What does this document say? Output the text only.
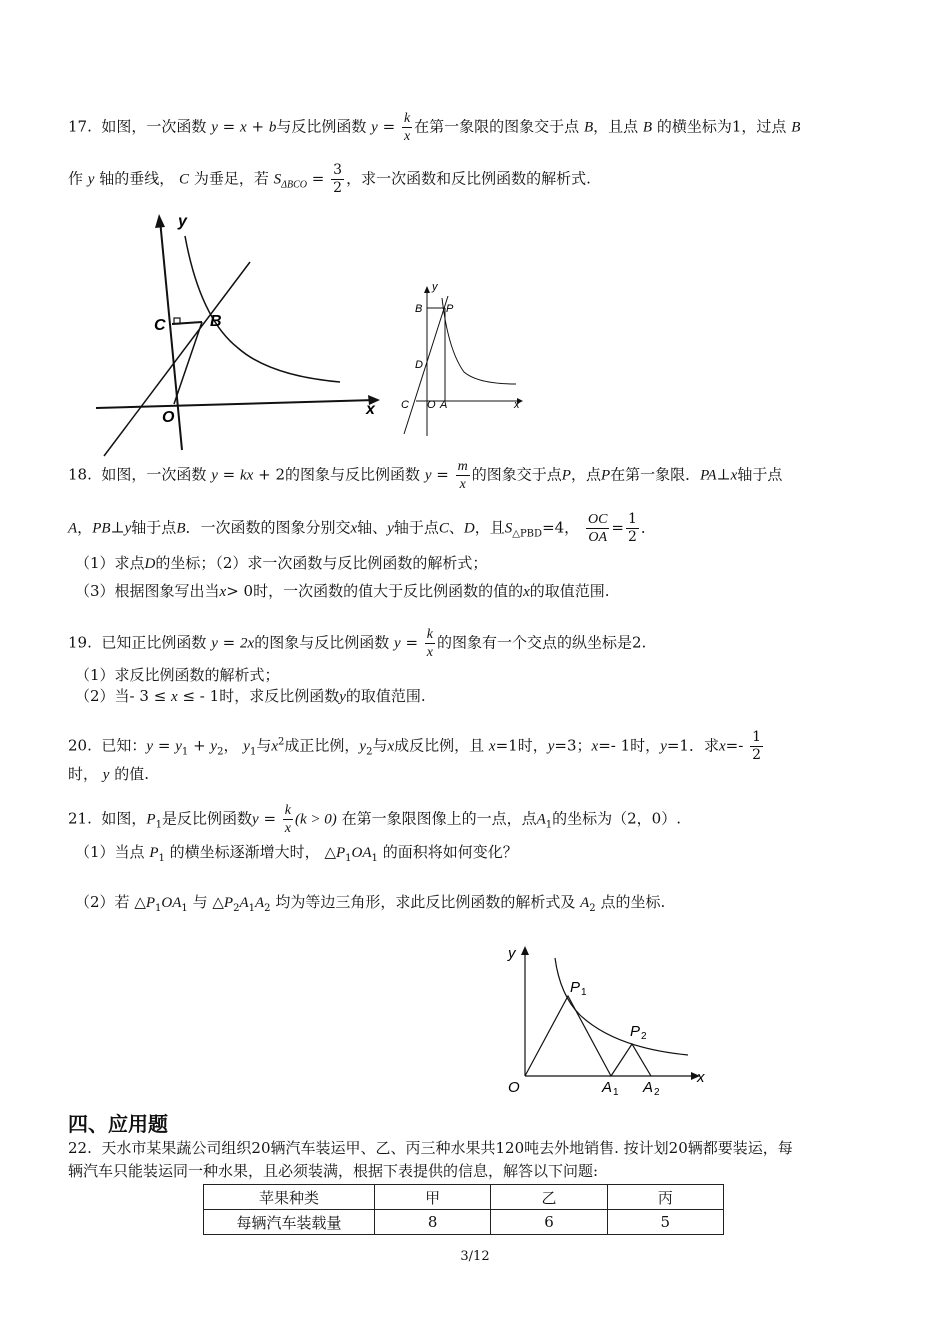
17. 如图，一次函数 y = x + b与反比例函数 $y = \frac{k}{x}$ 在第一象限的图象交于点 B，且点 B 的横坐标为1，过点 B
作 y 轴的垂线， C 为垂足，若 $S_{\Delta BCO} = \frac{3}{2}$ ，求一次函数和反比例函数的解析式.
y
x
C	B
O
y
B P
D
C O A	x
18. 如图，一次函数 y = kx + 2的图象与反比例函数 $y = \frac{m}{x}$ 的图象交于点P，点P在第一象限．PA⊥x轴于点
A，PB⊥y轴于点B．一次函数的图象分别交x轴、y轴于点C、D，且$S_{\triangle PBD}=4$， $\frac{OC}{OA} = \frac{1}{2}$ ．
（1）求点D的坐标；（2）求一次函数与反比例函数的解析式；
（3）根据图象写出当x> 0时，一次函数的值大于反比例函数的值的x的取值范围.
19. 已知正比例函数 y = 2x的图象与反比例函数 $y = \frac{k}{x}$ 的图象有一个交点的纵坐标是2.
（1）求反比例函数的解析式；
（2）当- 3 ≤ x ≤ - 1时，求反比例函数y的取值范围.
20. 已知：$y = y_1 + y_2$， $y_1$与$x^2$成正比例，$y_2$与x成反比例，且 x=1时，y=3；x=- 1时，y=1．求$x=- \frac{1}{2}$
时， y 的值.
21. 如图，$P_1$是反比例函数$y = \frac{k}{x} (k > 0)$ 在第一象限图像上的一点，点$A_1$的坐标为（2，0）.
（1）当点 $P_1$ 的横坐标逐渐增大时， $\triangle P_1OA_1$ 的面积将如何变化？
（2）若 $\triangle P_1OA_1$ 与 $\triangle P_2A_1A_2$ 均为等边三角形，求此反比例函数的解析式及 $A_2$ 点的坐标.
y
x
O
P 1
P 2
A 1 A 2
四、应用题
22. 天水市某果蔬公司组织20辆汽车装运甲、乙、丙三种水果共120吨去外地销售. 按计划20辆都要装运，每
辆汽车只能装运同一种水果，且必须装满，根据下表提供的信息，解答以下问题:
苹果种类	甲	乙	丙
每辆汽车装载量	8	6	5
3/12
